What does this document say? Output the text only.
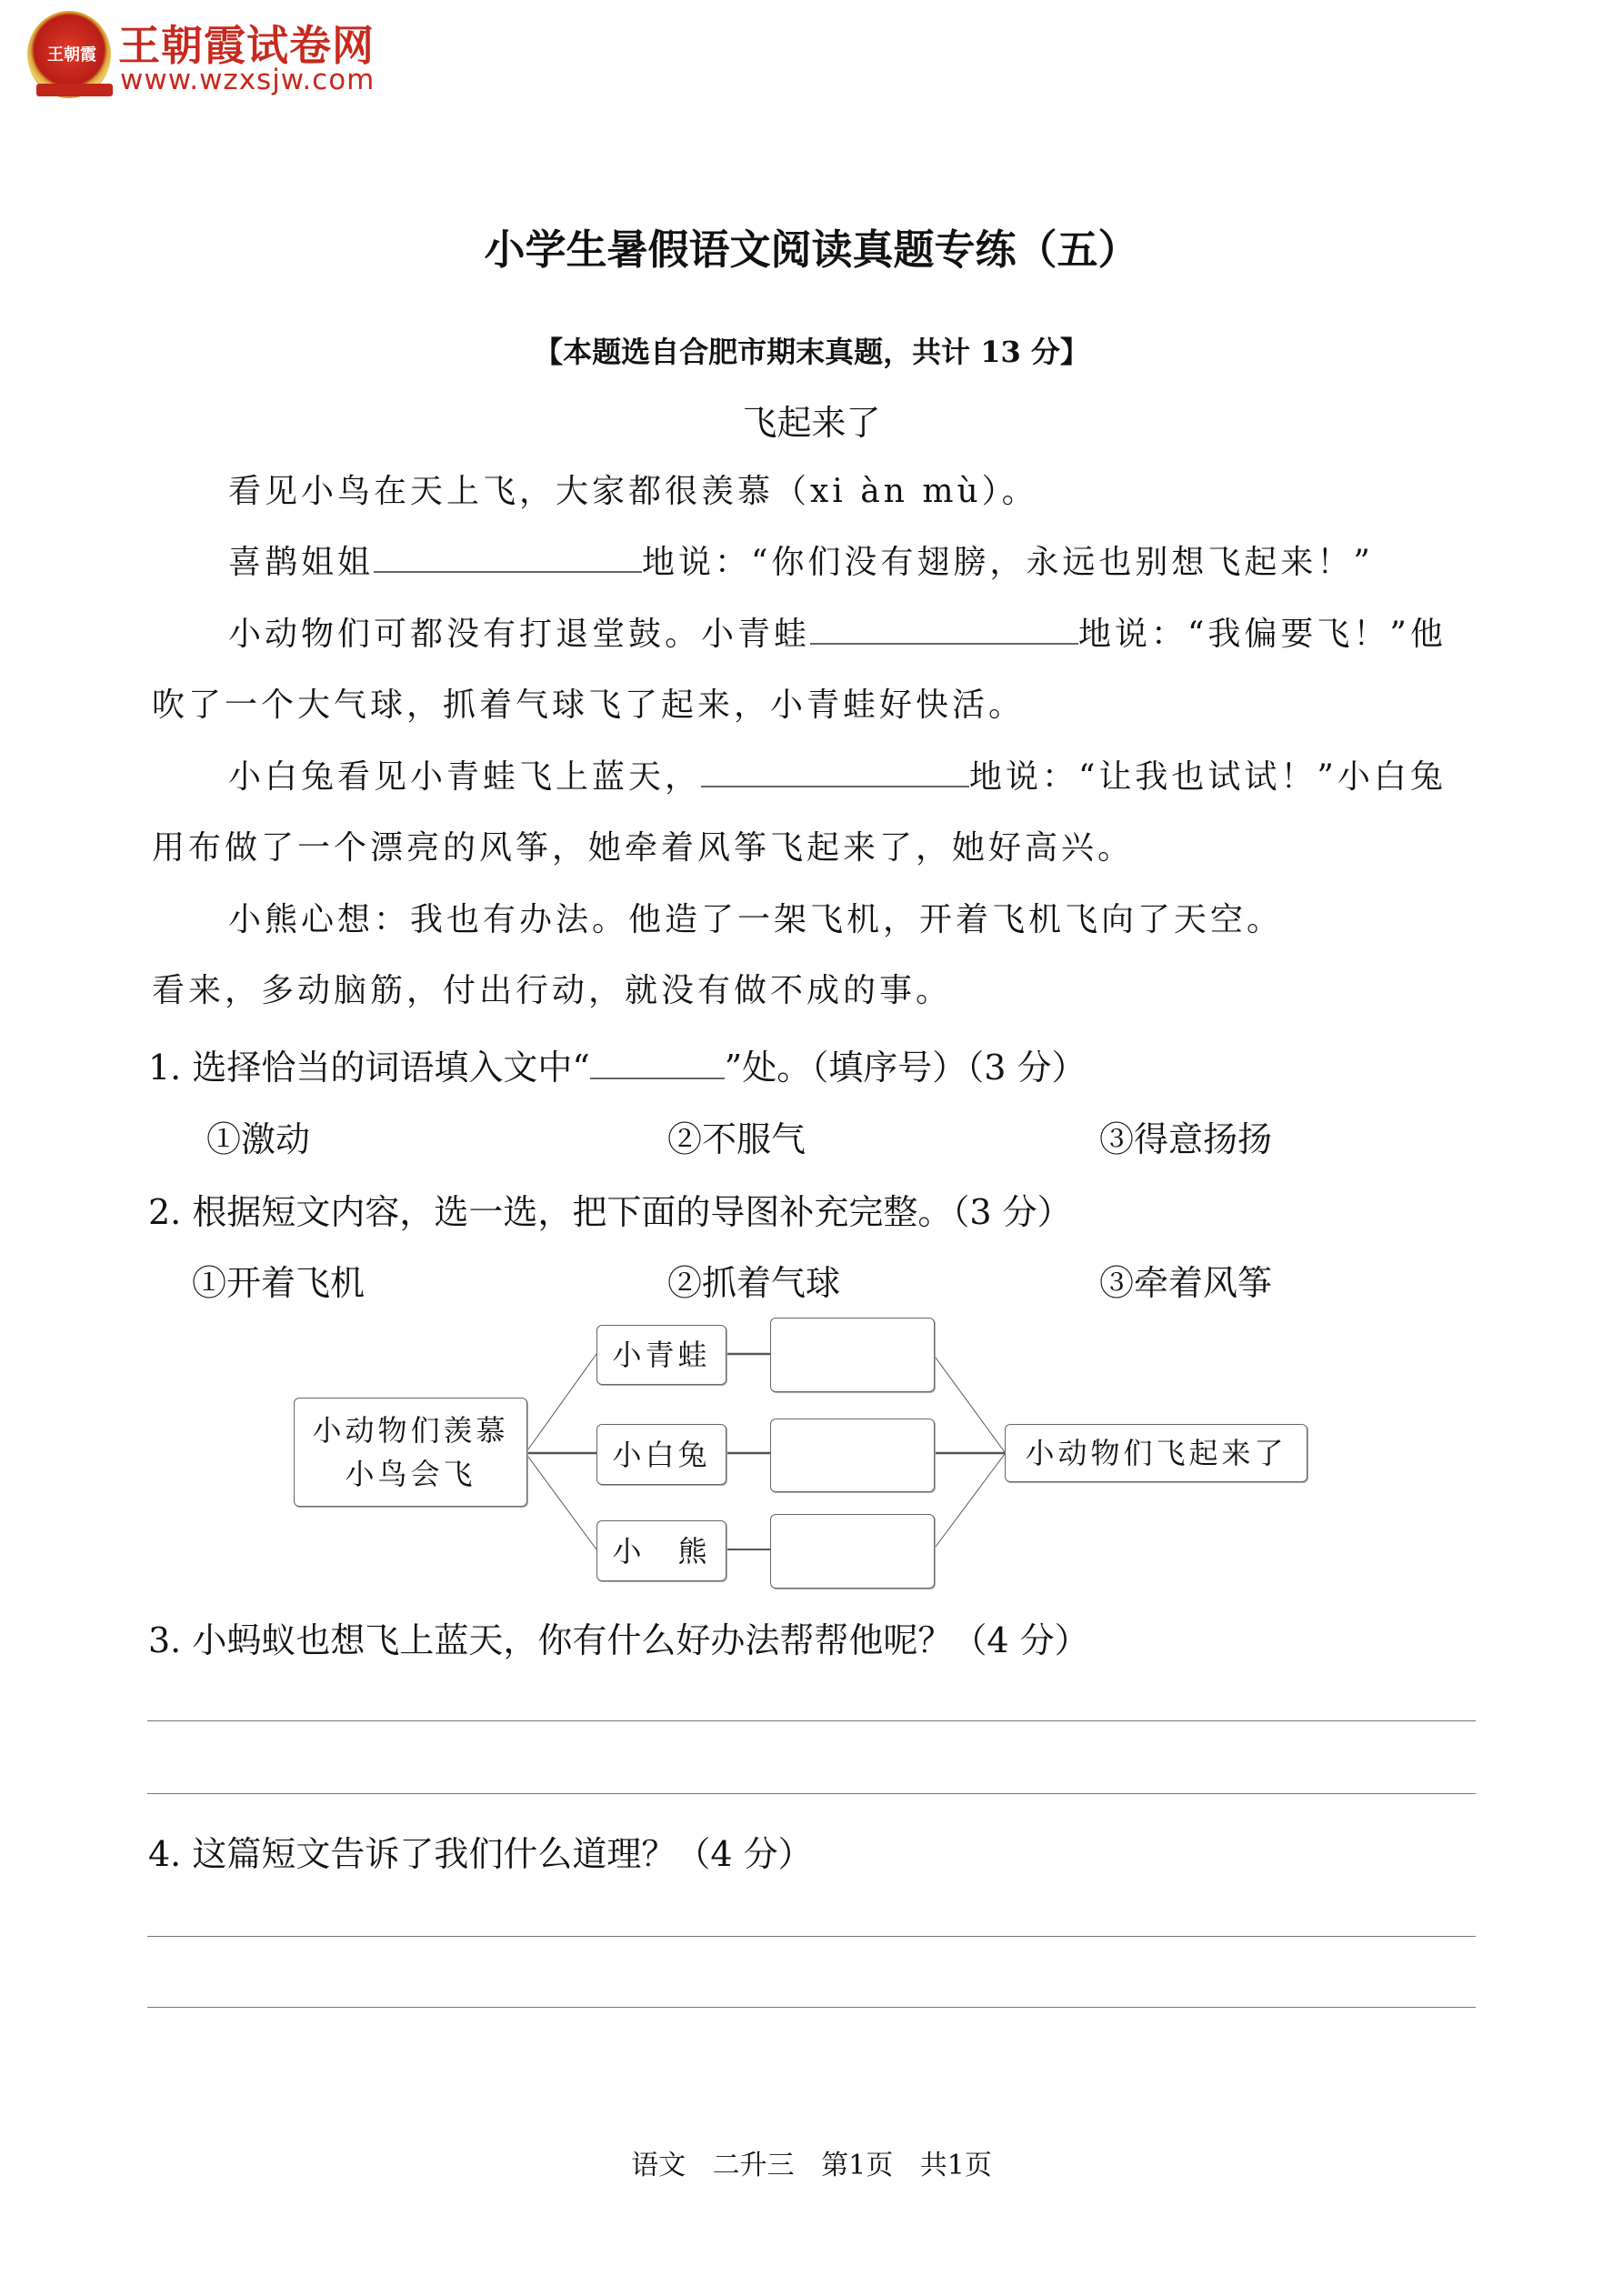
王朝霞 王朝霞试卷网
www.wzxsjw.com
小学生暑假语文阅读真题专练（五）
【本题选自合肥市期末真题，共计 13 分】
飞起来了
看见小鸟在天上飞，大家都很羡慕（xi àn mù）。
喜鹊姐姐	地说：“你们没有翅膀，永远也别想飞起来！”
小动物们可都没有打退堂鼓。小青蛙	地说：“我偏要飞！”他
吹了一个大气球，抓着气球飞了起来，小青蛙好快活。
小白兔看见小青蛙飞上蓝天，	地说：“让我也试试！”小白兔
用布做了一个漂亮的风筝，她牵着风筝飞起来了，她好高兴。
小熊心想：我也有办法。他造了一架飞机，开着飞机飞向了天空。
看来，多动脑筋，付出行动，就没有做不成的事。
1. 选择恰当的词语填入文中“	”处。（填序号）（3 分）
①激动	②不服气	③得意扬扬
2. 根据短文内容，选一选，把下面的导图补充完整。（3 分）
①开着飞机	②抓着气球	③牵着风筝
小动物们羡慕
小鸟会飞
小青蛙
小白兔
小　熊
小动物们飞起来了
3. 小蚂蚁也想飞上蓝天，你有什么好办法帮帮他呢？（4 分）
4. 这篇短文告诉了我们什么道理？（4 分）
语文 二升三 第1页 共1页
